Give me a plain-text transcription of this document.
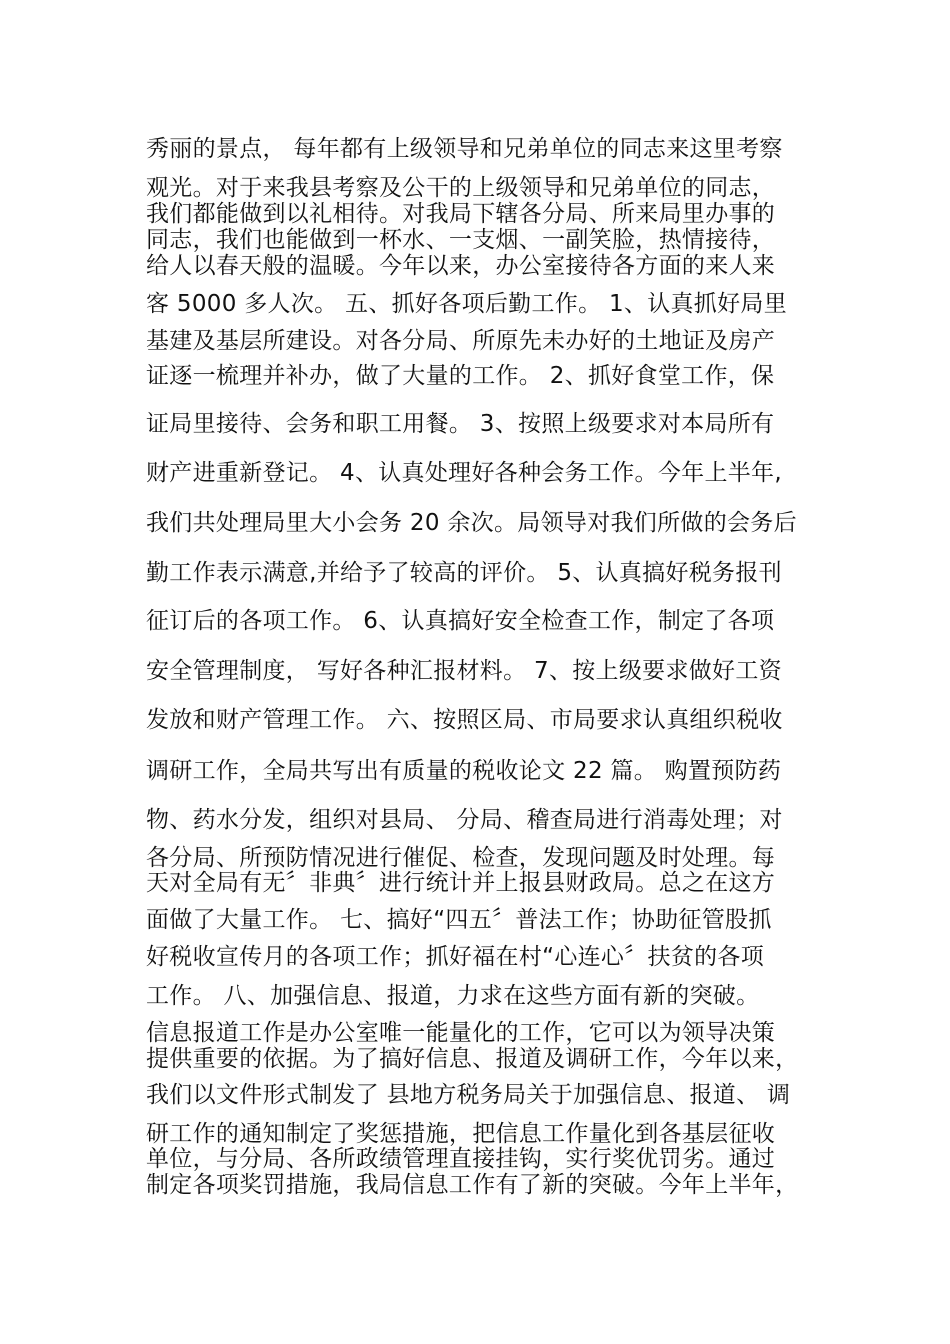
秀丽的景点， 每年都有上级领导和兄弟单位的同志来这里考察
观光。对于来我县考察及公干的上级领导和兄弟单位的同志，
我们都能做到以礼相待。对我局下辖各分局、所来局里办事的
同志，我们也能做到一杯水、一支烟、一副笑脸，热情接待，
给人以春天般的温暖。今年以来，办公室接待各方面的来人来
客 5000 多人次。 五、抓好各项后勤工作。 1、认真抓好局里
基建及基层所建设。对各分局、所原先未办好的土地证及房产
证逐一梳理并补办，做了大量的工作。 2、抓好食堂工作，保
证局里接待、会务和职工用餐。 3、按照上级要求对本局所有
财产进重新登记。 4、认真处理好各种会务工作。今年上半年,
我们共处理局里大小会务 20 余次。局领导对我们所做的会务后
勤工作表示满意,并给予了较高的评价。 5、认真搞好税务报刊
征订后的各项工作。 6、认真搞好安全检查工作，制定了各项
安全管理制度， 写好各种汇报材料。 7、按上级要求做好工资
发放和财产管理工作。 六、按照区局、市局要求认真组织税收
调研工作，全局共写出有质量的税收论文 22 篇。 购置预防药
物、药水分发，组织对县局、 分局、稽查局进行消毒处理；对
各分局、所预防情况进行催促、检查，发现问题及时处理。每
天对全局有无〞非典〞进行统计并上报县财政局。总之在这方
面做了大量工作。 七、搞好“四五〞普法工作；协助征管股抓
好税收宣传月的各项工作；抓好福在村“心连心〞扶贫的各项
工作。 八、加强信息、报道，力求在这些方面有新的突破。
信息报道工作是办公室唯一能量化的工作，它可以为领导决策
提供重要的依据。为了搞好信息、报道及调研工作，今年以来，
我们以文件形式制发了 县地方税务局关于加强信息、报道、 调
研工作的通知制定了奖惩措施，把信息工作量化到各基层征收
单位，与分局、各所政绩管理直接挂钩，实行奖优罚劣。通过
制定各项奖罚措施，我局信息工作有了新的突破。今年上半年，
